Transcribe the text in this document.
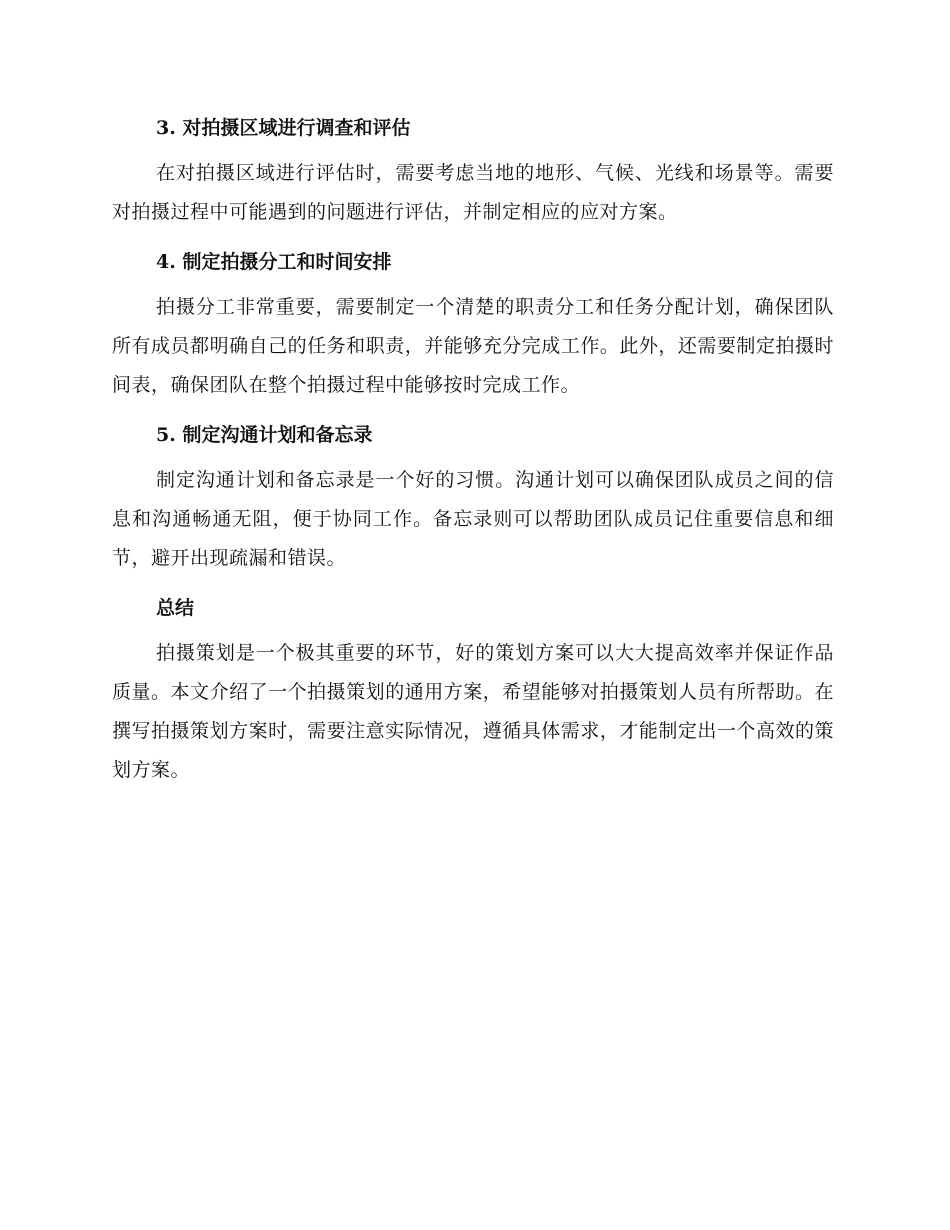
3. 对拍摄区域进行调查和评估

在对拍摄区域进行评估时，需要考虑当地的地形、气候、光线和场景等。需要对拍摄过程中可能遇到的问题进行评估，并制定相应的应对方案。

4. 制定拍摄分工和时间安排

拍摄分工非常重要，需要制定一个清楚的职责分工和任务分配计划，确保团队所有成员都明确自己的任务和职责，并能够充分完成工作。此外，还需要制定拍摄时间表，确保团队在整个拍摄过程中能够按时完成工作。

5. 制定沟通计划和备忘录

制定沟通计划和备忘录是一个好的习惯。沟通计划可以确保团队成员之间的信息和沟通畅通无阻，便于协同工作。备忘录则可以帮助团队成员记住重要信息和细节，避开出现疏漏和错误。

总结

拍摄策划是一个极其重要的环节，好的策划方案可以大大提高效率并保证作品质量。本文介绍了一个拍摄策划的通用方案，希望能够对拍摄策划人员有所帮助。在撰写拍摄策划方案时，需要注意实际情况，遵循具体需求，才能制定出一个高效的策划方案。
